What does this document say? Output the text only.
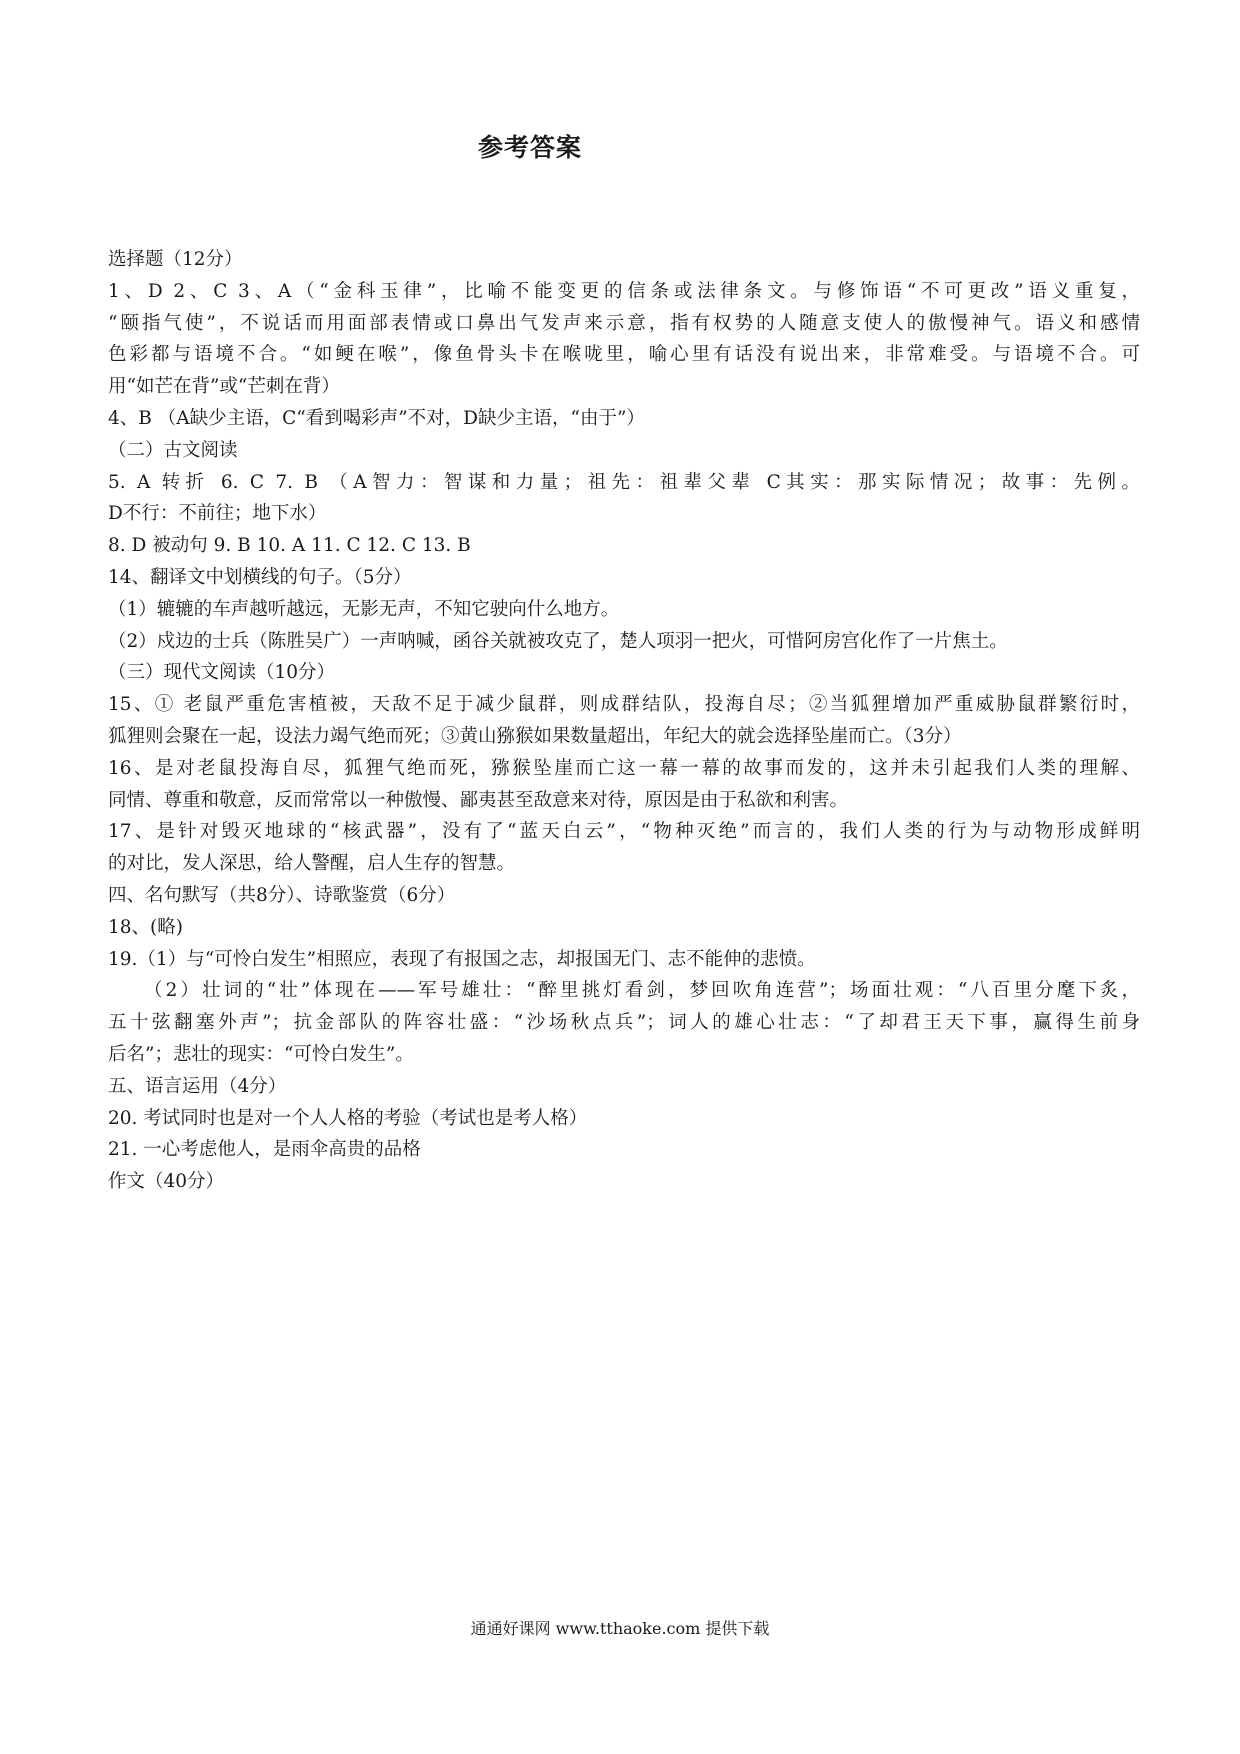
参考答案
选择题（12分）
1、D 2、C 3、A（“金科玉律”，比喻不能变更的信条或法律条文。与修饰语“不可更改”语义重复，
“颐指气使”，不说话而用面部表情或口鼻出气发声来示意，指有权势的人随意支使人的傲慢神气。语义和感情
色彩都与语境不合。“如鲠在喉”，像鱼骨头卡在喉咙里，喻心里有话没有说出来，非常难受。与语境不合。可
用“如芒在背”或“芒刺在背）
4、B （A缺少主语，C“看到喝彩声”不对，D缺少主语，“由于”）
（二）古文阅读
5. A 转折 6. C 7. B （A智力：智谋和力量；祖先：祖辈父辈 C其实：那实际情况；故事：先例。
D不行：不前往；地下水）
8. D 被动句 9. B 10. A 11. C 12. C 13. B
14、翻译文中划横线的句子。（5分）
（1）辘辘的车声越听越远，无影无声，不知它驶向什么地方。
（2）戍边的士兵（陈胜吴广）一声呐喊，函谷关就被攻克了，楚人项羽一把火，可惜阿房宫化作了一片焦土。
（三）现代文阅读（10分）
15、① 老鼠严重危害植被，天敌不足于减少鼠群，则成群结队，投海自尽；②当狐狸增加严重威胁鼠群繁衍时，
狐狸则会聚在一起，设法力竭气绝而死；③黄山猕猴如果数量超出，年纪大的就会选择坠崖而亡。（3分）
16、是对老鼠投海自尽，狐狸气绝而死，猕猴坠崖而亡这一幕一幕的故事而发的，这并未引起我们人类的理解、
同情、尊重和敬意，反而常常以一种傲慢、鄙夷甚至敌意来对待，原因是由于私欲和利害。
17、是针对毁灭地球的“核武器”，没有了“蓝天白云”，“物种灭绝”而言的，我们人类的行为与动物形成鲜明
的对比，发人深思，给人警醒，启人生存的智慧。
四、名句默写（共8分）、诗歌鉴赏（6分）
18、(略)
19.（1）与“可怜白发生”相照应，表现了有报国之志，却报国无门、志不能伸的悲愤。
（2）壮词的“壮”体现在——军号雄壮：“醉里挑灯看剑，梦回吹角连营”；场面壮观：“八百里分麾下炙，
五十弦翻塞外声”；抗金部队的阵容壮盛：“沙场秋点兵”；词人的雄心壮志：“了却君王天下事，赢得生前身
后名”；悲壮的现实：“可怜白发生”。
五、语言运用（4分）
20. 考试同时也是对一个人人格的考验（考试也是考人格）
21. 一心考虑他人，是雨伞高贵的品格
作文（40分）
通通好课网 www.tthaoke.com 提供下载
